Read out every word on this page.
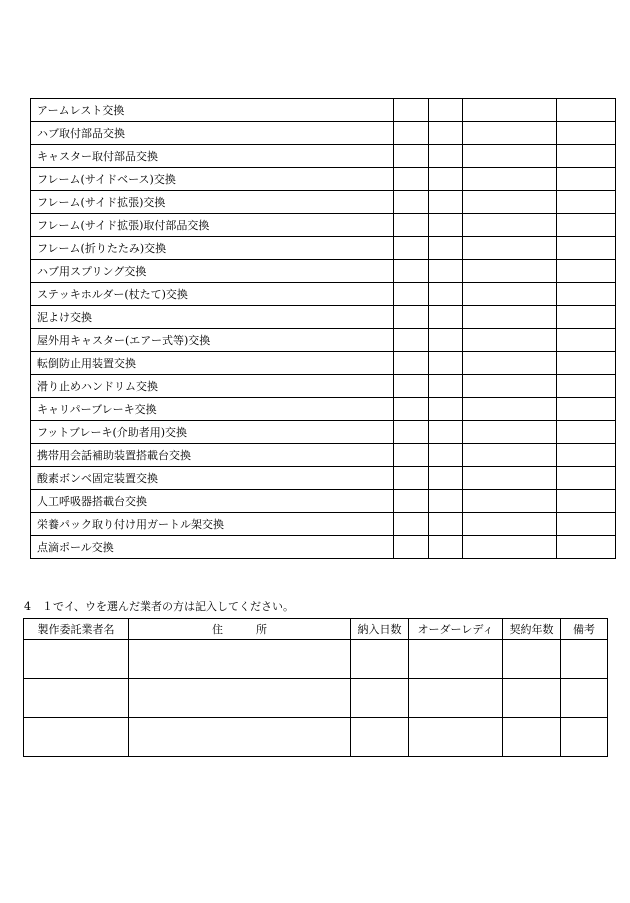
アームレスト交換				
ハブ取付部品交換				
キャスター取付部品交換				
フレーム(サイドベース)交換				
フレーム(サイド拡張)交換				
フレーム(サイド拡張)取付部品交換				
フレーム(折りたたみ)交換				
ハブ用スプリング交換				
ステッキホルダー(杖たて)交換				
泥よけ交換				
屋外用キャスター(エアー式等)交換				
転倒防止用装置交換				
滑り止めハンドリム交換				
キャリパーブレーキ交換				
フットブレーキ(介助者用)交換				
携帯用会話補助装置搭載台交換				
酸素ボンベ固定装置交換				
人工呼吸器搭載台交換				
栄養パック取り付け用ガートル架交換				
点滴ポール交換				
4　１でイ、ウを選んだ業者の方は記入してください。
製作委託業者名	住　　　所	納入日数	オーダーレディ	契約年数	備考
